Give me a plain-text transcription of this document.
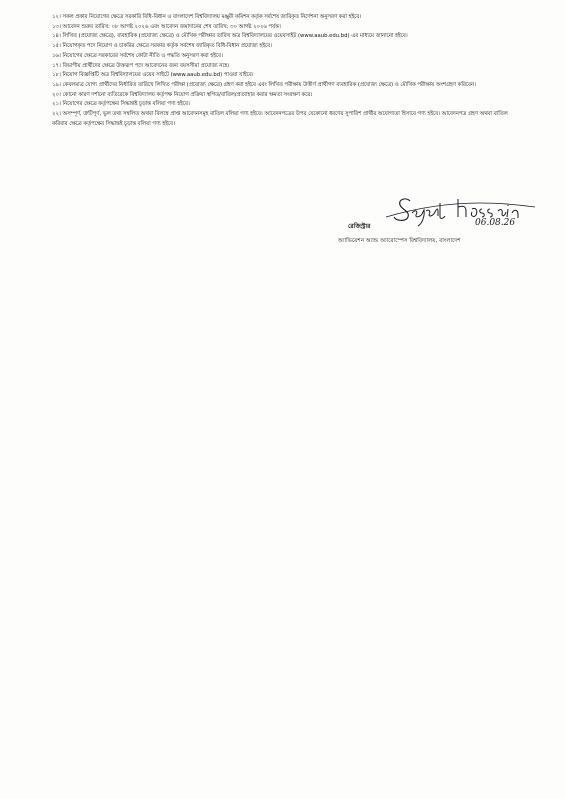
১২। সকল প্রকার নিয়োগের ক্ষেত্রে সরকারি বিধি-বিধান ও বাংলাদেশ বিশ্ববিদ্যালয় মঞ্জুরী কমিশন কর্তৃক সর্বশেষ জারিকৃত নির্দেশনা অনুসরণ করা হইবে।

১৩। আবেদন শুরুর তারিখ: ০৮ আগষ্ট ২০২৬ এবং আবেদন জমাদানের শেষ তারিখ: ৩০ আগষ্ট ২০২৬ পর্যন্ত।

১৪। লিখিত (প্রযোজ্য ক্ষেত্রে), ব্যবহারিক (প্রযোজ্য ক্ষেত্রে) ও মৌখিক পরীক্ষার তারিখ অত্র বিশ্ববিদ্যালয়ের ওয়েবসাইট (www.aaub.edu.bd) এর মাধ্যমে জানানো হইবে।

১৫। নিয়োগকৃত পদে নিয়োগ ও চাকরির ক্ষেত্রে সরকার কর্তৃক সর্বশেষ জারিকৃত বিধি-বিধান প্রযোজ্য হইবে।

১৬। নিয়োগের ক্ষেত্রে সরকারের সর্বশেষ কোটা নীতি ও পদ্ধতি অনুসরণ করা হইবে।

১৭। বিভাগীয় প্রার্থীদের ক্ষেত্রে উক্তরূপ পদে আবেদনের জন্য বয়সসীমা প্রযোজ্য নহে।

১৮। নিয়োগ বিজ্ঞপ্তিটি অত্র বিশ্ববিদ্যালয়ের ওয়েব সাইটে (www.aaub.edu.bd) পাওয়া যাইবে।

১৯। কেবলমাত্র যোগ্য প্রার্থীদের নির্ধারিত তারিখে লিখিত পরীক্ষা (প্রযোজ্য ক্ষেত্রে) গ্রহণ করা হইবে এবং লিখিত পরীক্ষায় উত্তীর্ণ প্রার্থীগণ ব্যবহারিক (প্রযোজ্য ক্ষেত্রে) ও মৌখিক পরীক্ষায় অংশগ্রহণ করিবেন।

২০। কোনো কারণ দর্শানো ব্যতিরেকে বিশ্ববিদ্যালয় কর্তৃপক্ষ নিয়োগ প্রক্রিয়া স্থগিত/বাতিল/প্রত্যাহার করার ক্ষমতা সংরক্ষণ করে।

২১। নিয়োগের ক্ষেত্রে কর্তৃপক্ষের সিদ্ধান্তই চূড়ান্ত বলিয়া গণ্য হইবে।

২২। অসম্পূর্ণ, ত্রুটিপূর্ণ, ভুল তথ্য সম্বলিত অথবা বিলম্বে প্রাপ্ত আবেদনসমূহ বাতিল বলিয়া গণ্য হইবে। আবেদনপত্রের উপর যেকোনো ধরণের সুপারিশ প্রার্থীর অযোগ্যতা হিসাবে গণ্য হইবে। আবেদনপত্র গ্রহণ অথবা বাতিল করিবার ক্ষেত্রে কর্তৃপক্ষের সিদ্ধান্তই চূড়ান্ত বলিয়া গণ্য হইবে।

06.08.26
রেজিস্ট্রার
অ্যাভিয়েশন অ্যান্ড অ্যারোস্পেস বিশ্ববিদ্যালয়, বাংলাদেশ
